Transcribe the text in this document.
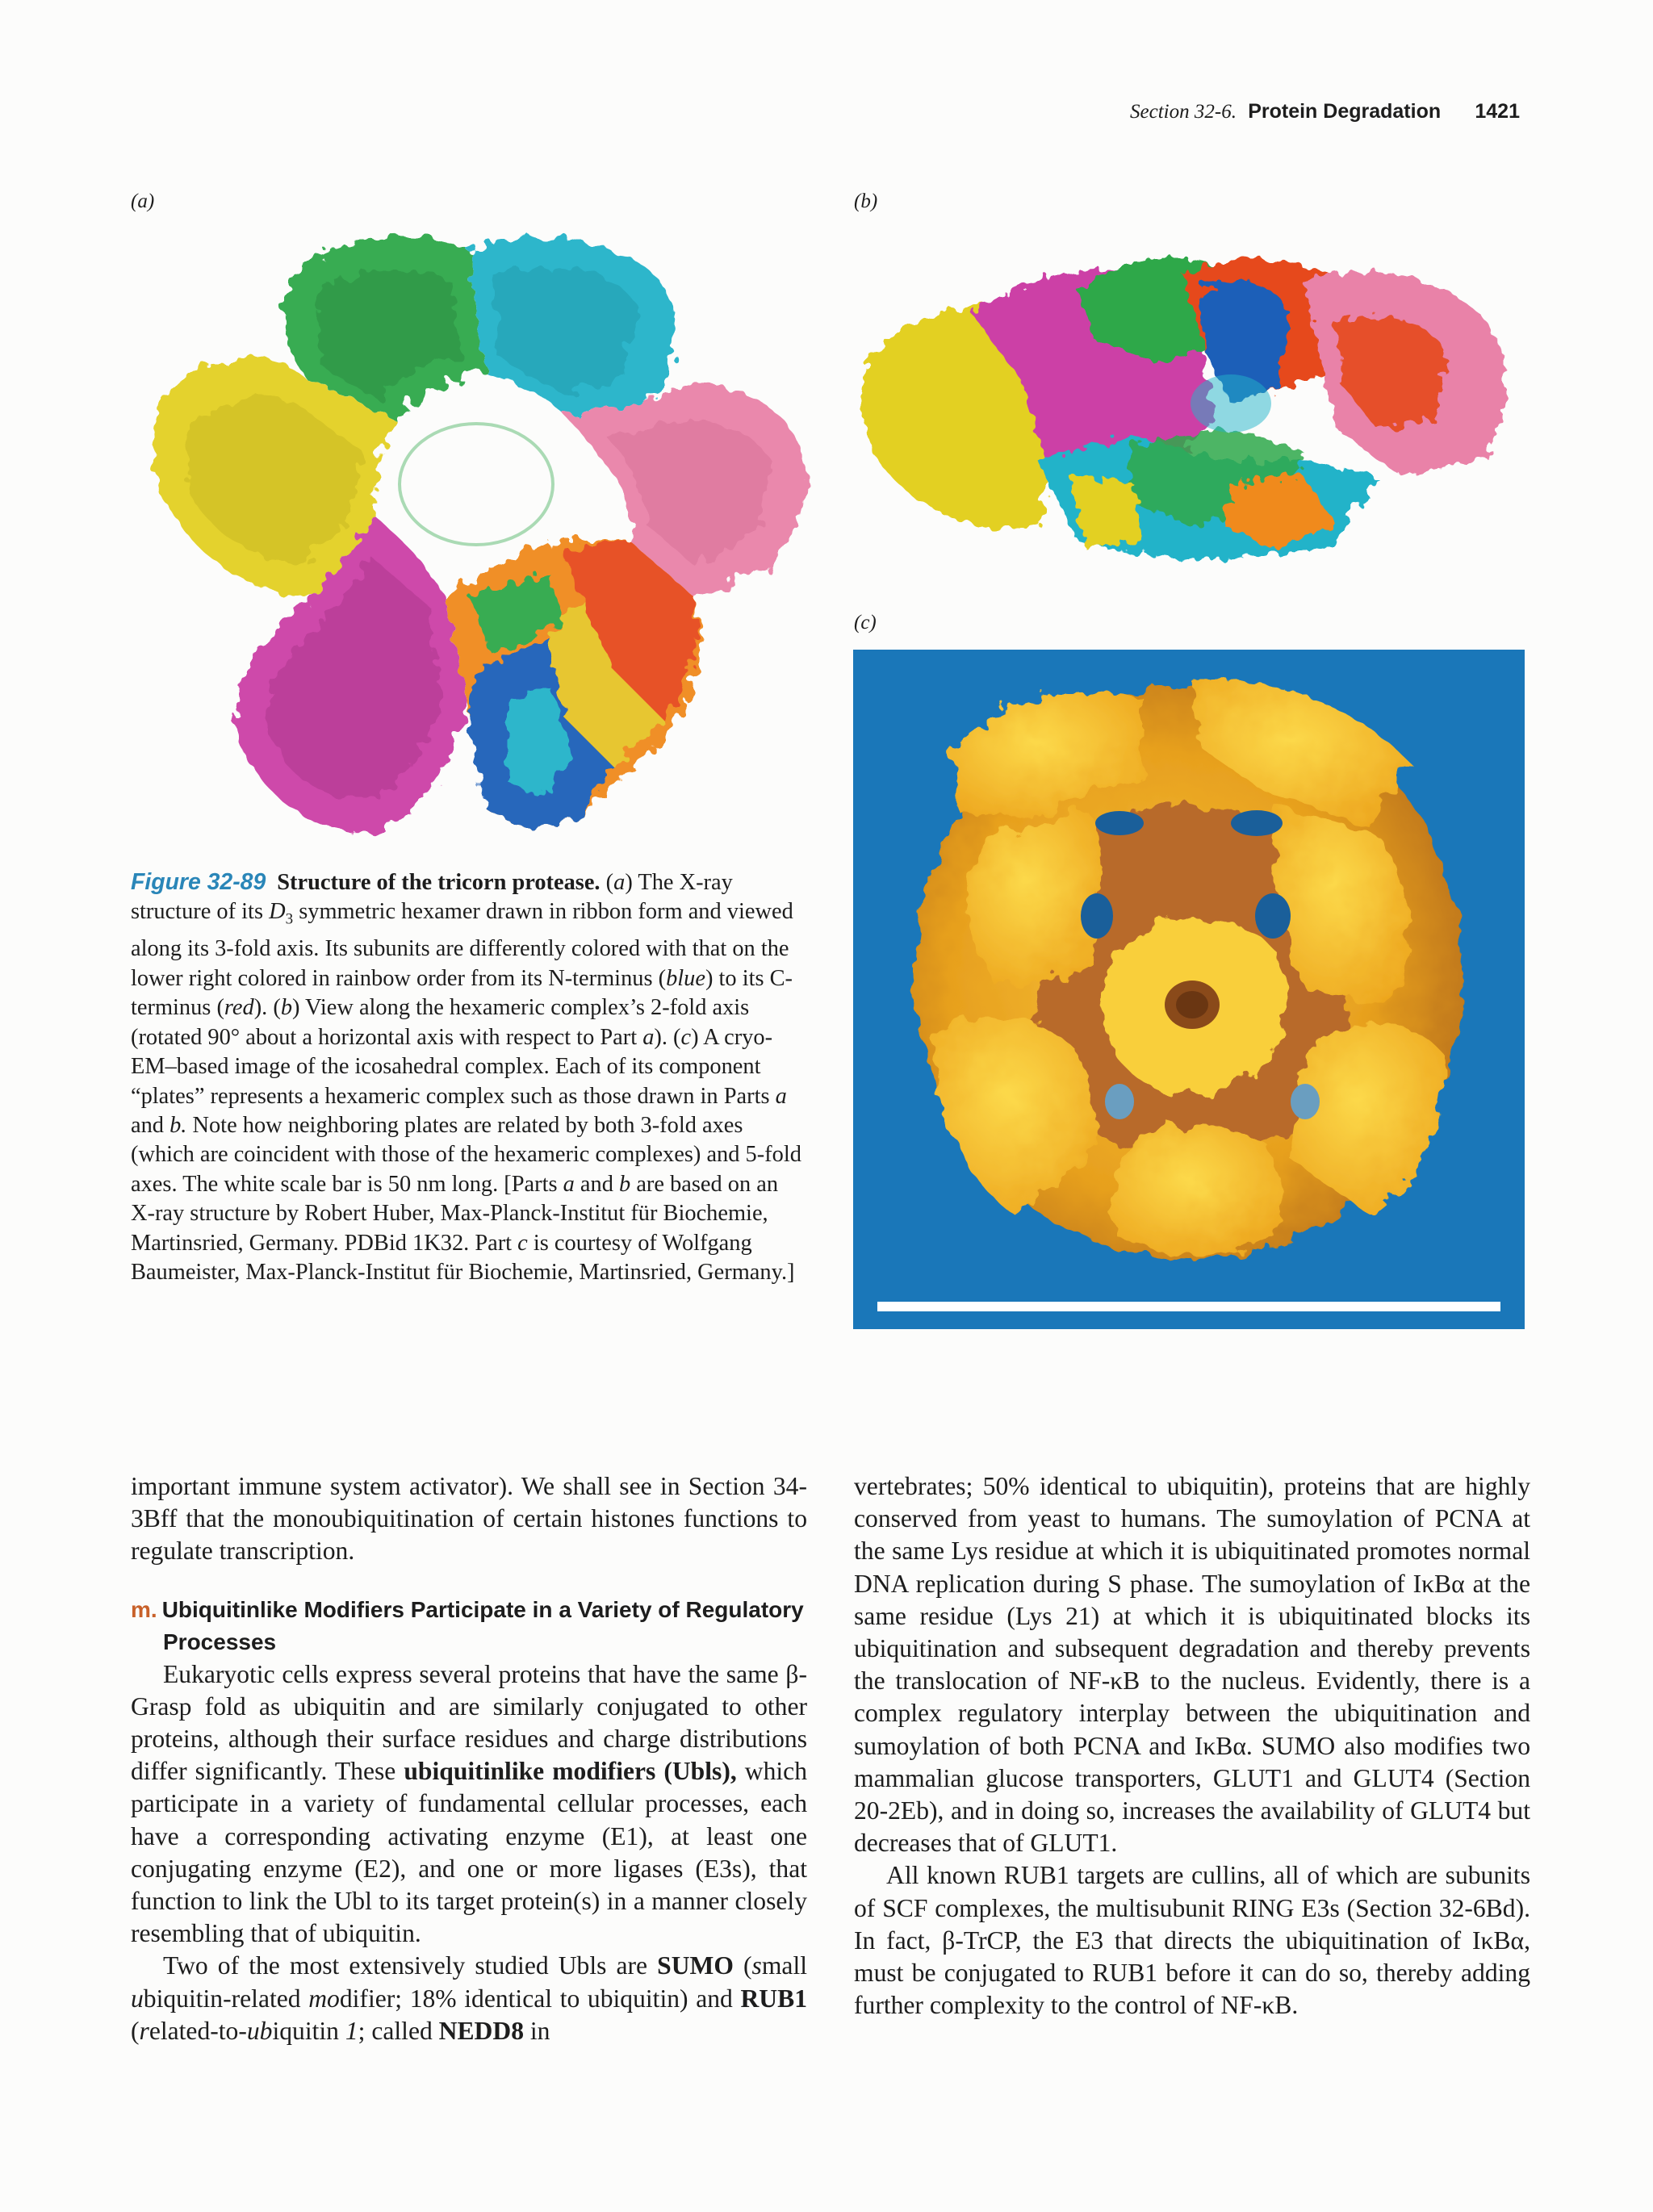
Section 32-6. Protein Degradation 1421
(a)	(b)
(c)
Figure 32-89 Structure of the tricorn protease. (a) The X-ray structure of its $D_3$ symmetric hexamer drawn in ribbon form and viewed along its 3-fold axis. Its subunits are differently colored with that on the lower right colored in rainbow order from its N-terminus (blue) to its C-terminus (red). (b) View along the hexameric complex’s 2-fold axis (rotated 90° about a horizontal axis with respect to Part a). (c) A cryo-EM–based image of the icosahedral complex. Each of its component “plates” represents a hexameric complex such as those drawn in Parts a and b. Note how neighboring plates are related by both 3-fold axes (which are coincident with those of the hexameric complexes) and 5-fold axes. The white scale bar is 50 nm long. [Parts a and b are based on an X-ray structure by Robert Huber, Max-Planck-Institut für Biochemie, Martinsried, Germany. PDBid 1K32. Part c is courtesy of Wolfgang Baumeister, Max-Planck-Institut für Biochemie, Martinsried, Germany.]

important immune system activator). We shall see in Section 34-3Bff that the monoubiquitination of certain histones functions to regulate transcription.

m. Ubiquitinlike Modifiers Participate in a Variety of Regulatory Processes

Eukaryotic cells express several proteins that have the same β-Grasp fold as ubiquitin and are similarly conjugated to other proteins, although their surface residues and charge distributions differ significantly. These ubiquitinlike modifiers (Ubls), which participate in a variety of fundamental cellular processes, each have a corresponding activating enzyme (E1), at least one conjugating enzyme (E2), and one or more ligases (E3s), that function to link the Ubl to its target protein(s) in a manner closely resembling that of ubiquitin.

Two of the most extensively studied Ubls are SUMO (small ubiquitin-related modifier; 18% identical to ubiquitin) and RUB1 (related-to-ubiquitin 1; called NEDD8 in

vertebrates; 50% identical to ubiquitin), proteins that are highly conserved from yeast to humans. The sumoylation of PCNA at the same Lys residue at which it is ubiquitinated promotes normal DNA replication during S phase. The sumoylation of IκBα at the same residue (Lys 21) at which it is ubiquitinated blocks its ubiquitination and subsequent degradation and thereby prevents the translocation of NF-κB to the nucleus. Evidently, there is a complex regulatory interplay between the ubiquitination and sumoylation of both PCNA and IκBα. SUMO also modifies two mammalian glucose transporters, GLUT1 and GLUT4 (Section 20-2Eb), and in doing so, increases the availability of GLUT4 but decreases that of GLUT1.

All known RUB1 targets are cullins, all of which are subunits of SCF complexes, the multisubunit RING E3s (Section 32-6Bd). In fact, β-TrCP, the E3 that directs the ubiquitination of IκBα, must be conjugated to RUB1 before it can do so, thereby adding further complexity to the control of NF-κB.
